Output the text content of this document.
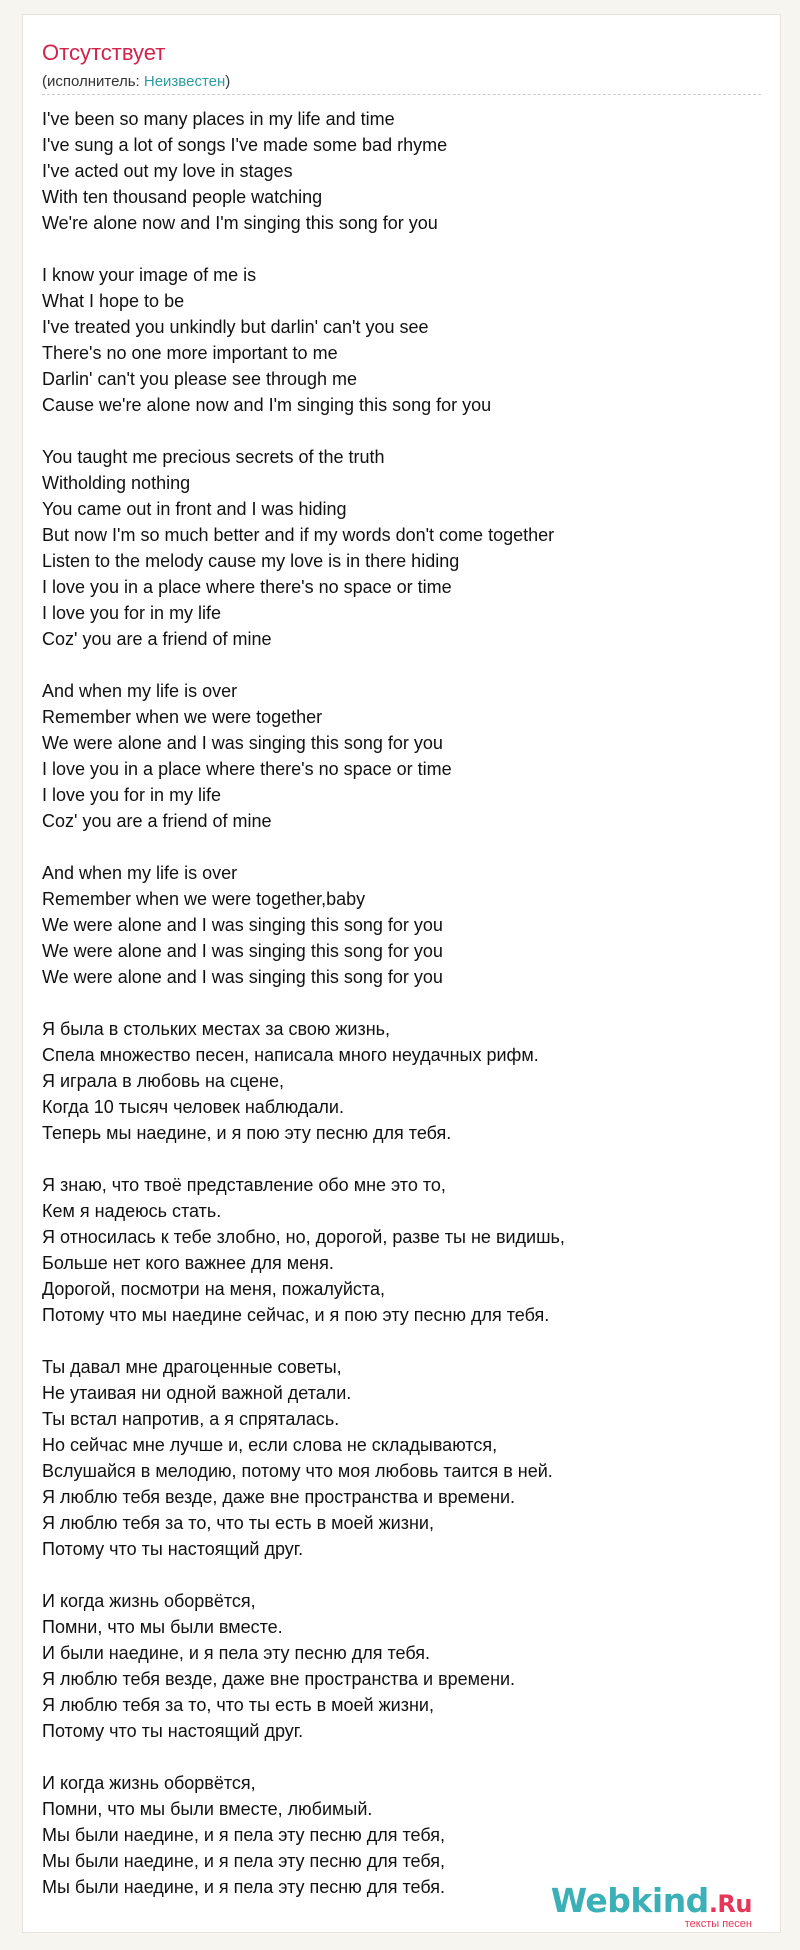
Отсутствует
(исполнитель: Неизвестен)
I've been so many places in my life and time
I've sung a lot of songs I've made some bad rhyme
I've acted out my love in stages
With ten thousand people watching
We're alone now and I'm singing this song for you
I know your image of me is
What I hope to be
I've treated you unkindly but darlin' can't you see
There's no one more important to me
Darlin' can't you please see through me
Cause we're alone now and I'm singing this song for you
You taught me precious secrets of the truth
Witholding nothing
You came out in front and I was hiding
But now I'm so much better and if my words don't come together
Listen to the melody cause my love is in there hiding
I love you in a place where there's no space or time
I love you for in my life
Coz' you are a friend of mine
And when my life is over
Remember when we were together
We were alone and I was singing this song for you
I love you in a place where there's no space or time
I love you for in my life
Coz' you are a friend of mine
And when my life is over
Remember when we were together,baby
We were alone and I was singing this song for you
We were alone and I was singing this song for you
We were alone and I was singing this song for you
Я была в стольких местах за свою жизнь,
Спела множество песен, написала много неудачных рифм.
Я играла в любовь на сцене,
Когда 10 тысяч человек наблюдали.
Теперь мы наедине, и я пою эту песню для тебя.
Я знаю, что твоё представление обо мне это то,
Кем я надеюсь стать.
Я относилась к тебе злобно, но, дорогой, разве ты не видишь,
Больше нет кого важнее для меня.
Дорогой, посмотри на меня, пожалуйста,
Потому что мы наедине сейчас, и я пою эту песню для тебя.
Ты давал мне драгоценные советы,
Не утаивая ни одной важной детали.
Ты встал напротив, а я спряталась.
Но сейчас мне лучше и, если слова не складываются,
Вслушайся в мелодию, потому что моя любовь таится в ней.
Я люблю тебя везде, даже вне пространства и времени.
Я люблю тебя за то, что ты есть в моей жизни,
Потому что ты настоящий друг.
И когда жизнь оборвётся,
Помни, что мы были вместе.
И были наедине, и я пела эту песню для тебя.
Я люблю тебя везде, даже вне пространства и времени.
Я люблю тебя за то, что ты есть в моей жизни,
Потому что ты настоящий друг.
И когда жизнь оборвётся,
Помни, что мы были вместе, любимый.
Мы были наедине, и я пела эту песню для тебя,
Мы были наедине, и я пела эту песню для тебя,
Мы были наедине, и я пела эту песню для тебя.	Webkind.Ru
тексты песен
